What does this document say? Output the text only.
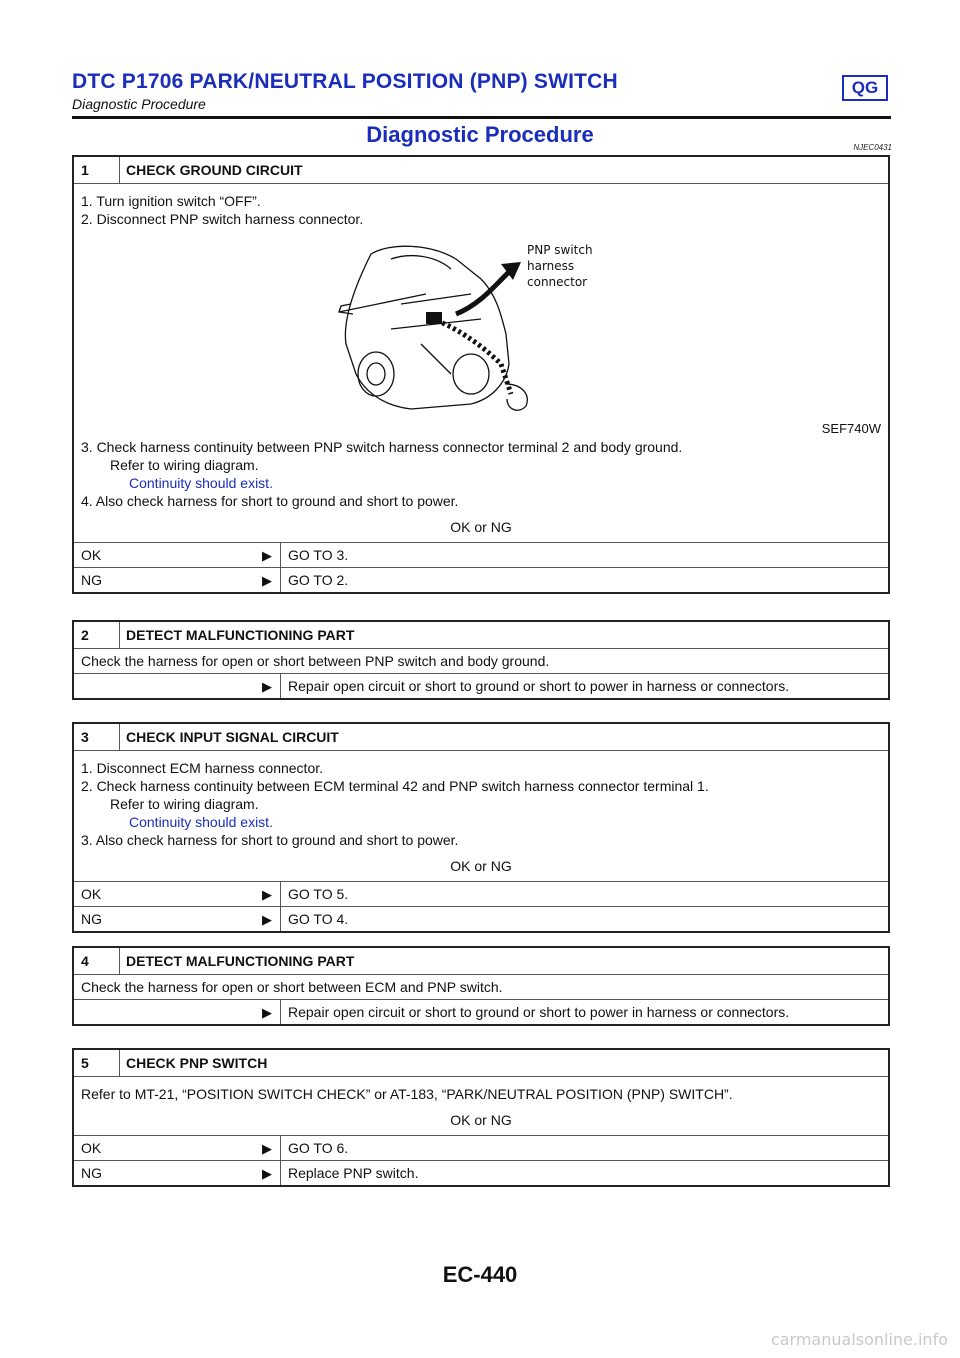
DTC P1706 PARK/NEUTRAL POSITION (PNP) SWITCH	QG
Diagnostic Procedure
Diagnostic Procedure
NJEC0431
1	CHECK GROUND CIRCUIT
1. Turn ignition switch “OFF”.
2. Disconnect PNP switch harness connector.
PNP switch
harness
connector
SEF740W
3. Check harness continuity between PNP switch harness connector terminal 2 and body ground.
Refer to wiring diagram.
Continuity should exist.
4. Also check harness for short to ground and short to power.
OK or NG
OK	▶	GO TO 3.
NG	▶	GO TO 2.
2	DETECT MALFUNCTIONING PART
Check the harness for open or short between PNP switch and body ground.
▶	Repair open circuit or short to ground or short to power in harness or connectors.
3	CHECK INPUT SIGNAL CIRCUIT
1. Disconnect ECM harness connector.
2. Check harness continuity between ECM terminal 42 and PNP switch harness connector terminal 1.
Refer to wiring diagram.
Continuity should exist.
3. Also check harness for short to ground and short to power.
OK or NG
OK	▶	GO TO 5.
NG	▶	GO TO 4.
4	DETECT MALFUNCTIONING PART
Check the harness for open or short between ECM and PNP switch.
▶	Repair open circuit or short to ground or short to power in harness or connectors.
5	CHECK PNP SWITCH
Refer to MT-21, “POSITION SWITCH CHECK” or AT-183, “PARK/NEUTRAL POSITION (PNP) SWITCH”.
OK or NG
OK	▶	GO TO 6.
NG	▶	Replace PNP switch.
EC-440
carmanualsonline.info
